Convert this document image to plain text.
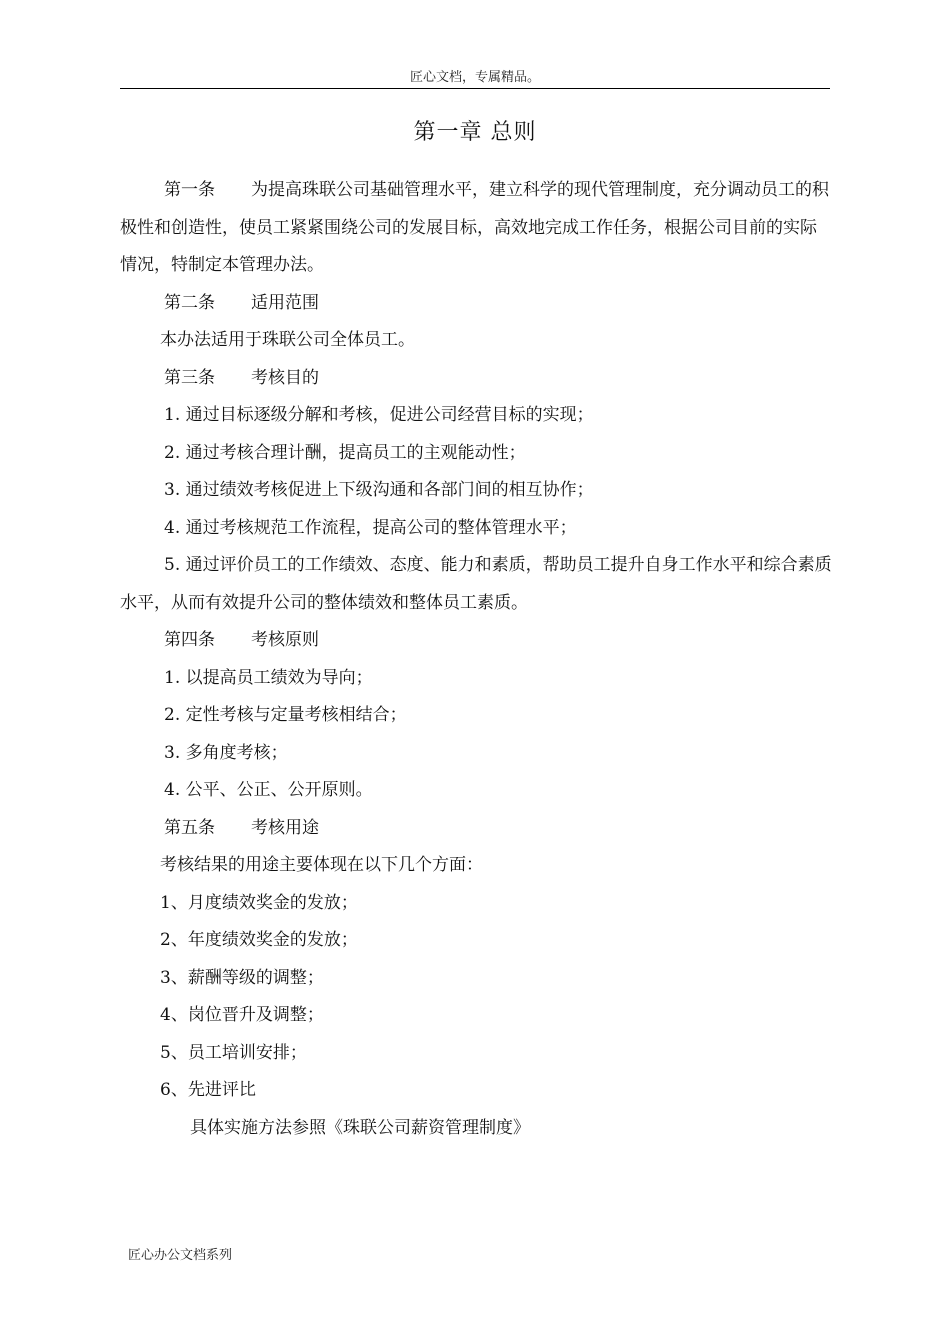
匠心文档，专属精品。
第一章 总则

第一条 为提高珠联公司基础管理水平，建立科学的现代管理制度，充分调动员工的积极性和创造性，使员工紧紧围绕公司的发展目标，高效地完成工作任务，根据公司目前的实际情况，特制定本管理办法。

第二条 适用范围

本办法适用于珠联公司全体员工。

第三条 考核目的

1. 通过目标逐级分解和考核，促进公司经营目标的实现；

2. 通过考核合理计酬，提高员工的主观能动性；

3. 通过绩效考核促进上下级沟通和各部门间的相互协作；

4. 通过考核规范工作流程，提高公司的整体管理水平；

5. 通过评价员工的工作绩效、态度、能力和素质，帮助员工提升自身工作水平和综合素质水平，从而有效提升公司的整体绩效和整体员工素质。

第四条 考核原则

1. 以提高员工绩效为导向；

2. 定性考核与定量考核相结合；

3. 多角度考核；

4. 公平、公正、公开原则。

第五条 考核用途

考核结果的用途主要体现在以下几个方面：

1、月度绩效奖金的发放；

2、年度绩效奖金的发放；

3、薪酬等级的调整；

4、岗位晋升及调整；

5、员工培训安排；

6、先进评比

具体实施方法参照《珠联公司薪资管理制度》

匠心办公文档系列
